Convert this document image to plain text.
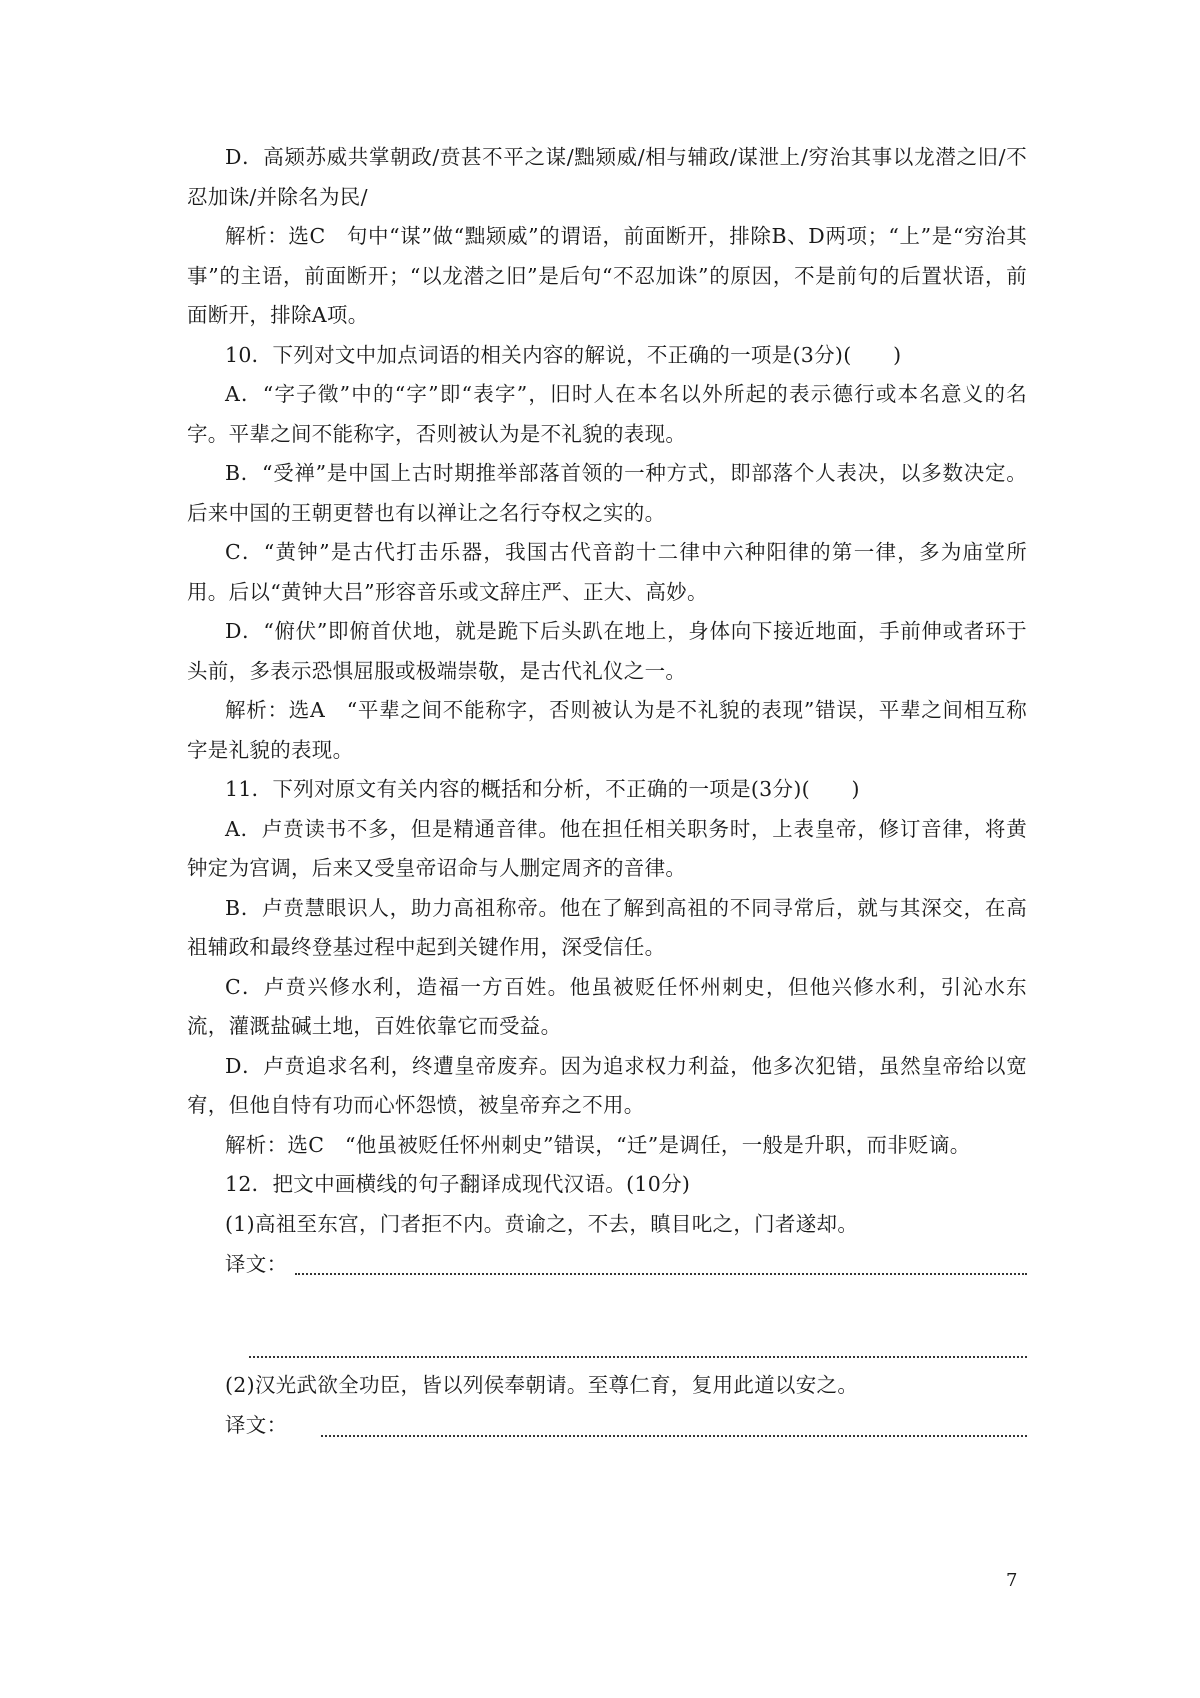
D．高颎苏威共掌朝政/贲甚不平之谋/黜颎威/相与辅政/谋泄上/穷治其事以龙潜之旧/不忍加诛/并除名为民/

解析：选C　句中“谋”做“黜颎威”的谓语，前面断开，排除B、D两项；“上”是“穷治其事”的主语，前面断开；“以龙潜之旧”是后句“不忍加诛”的原因，不是前句的后置状语，前面断开，排除A项。

10．下列对文中加点词语的相关内容的解说，不正确的一项是(3分)(　　)

A．“字子徵”中的“字”即“表字”，旧时人在本名以外所起的表示德行或本名意义的名字。平辈之间不能称字，否则被认为是不礼貌的表现。

B．“受禅”是中国上古时期推举部落首领的一种方式，即部落个人表决，以多数决定。后来中国的王朝更替也有以禅让之名行夺权之实的。

C．“黄钟”是古代打击乐器，我国古代音韵十二律中六种阳律的第一律，多为庙堂所用。后以“黄钟大吕”形容音乐或文辞庄严、正大、高妙。

D．“俯伏”即俯首伏地，就是跪下后头趴在地上，身体向下接近地面，手前伸或者环于头前，多表示恐惧屈服或极端崇敬，是古代礼仪之一。

解析：选A　“平辈之间不能称字，否则被认为是不礼貌的表现”错误，平辈之间相互称字是礼貌的表现。

11．下列对原文有关内容的概括和分析，不正确的一项是(3分)(　　)

A．卢贲读书不多，但是精通音律。他在担任相关职务时，上表皇帝，修订音律，将黄钟定为宫调，后来又受皇帝诏命与人删定周齐的音律。

B．卢贲慧眼识人，助力高祖称帝。他在了解到高祖的不同寻常后，就与其深交，在高祖辅政和最终登基过程中起到关键作用，深受信任。

C．卢贲兴修水利，造福一方百姓。他虽被贬任怀州刺史，但他兴修水利，引沁水东流，灌溉盐碱土地，百姓依靠它而受益。

D．卢贲追求名利，终遭皇帝废弃。因为追求权力利益，他多次犯错，虽然皇帝给以宽宥，但他自恃有功而心怀怨愤，被皇帝弃之不用。

解析：选C　“他虽被贬任怀州刺史”错误，“迁”是调任，一般是升职，而非贬谪。

12．把文中画横线的句子翻译成现代汉语。(10分)

(1)高祖至东宫，门者拒不内。贲谕之，不去，瞋目叱之，门者遂却。

译文：

(2)汉光武欲全功臣，皆以列侯奉朝请。至尊仁育，复用此道以安之。

译文：
7
